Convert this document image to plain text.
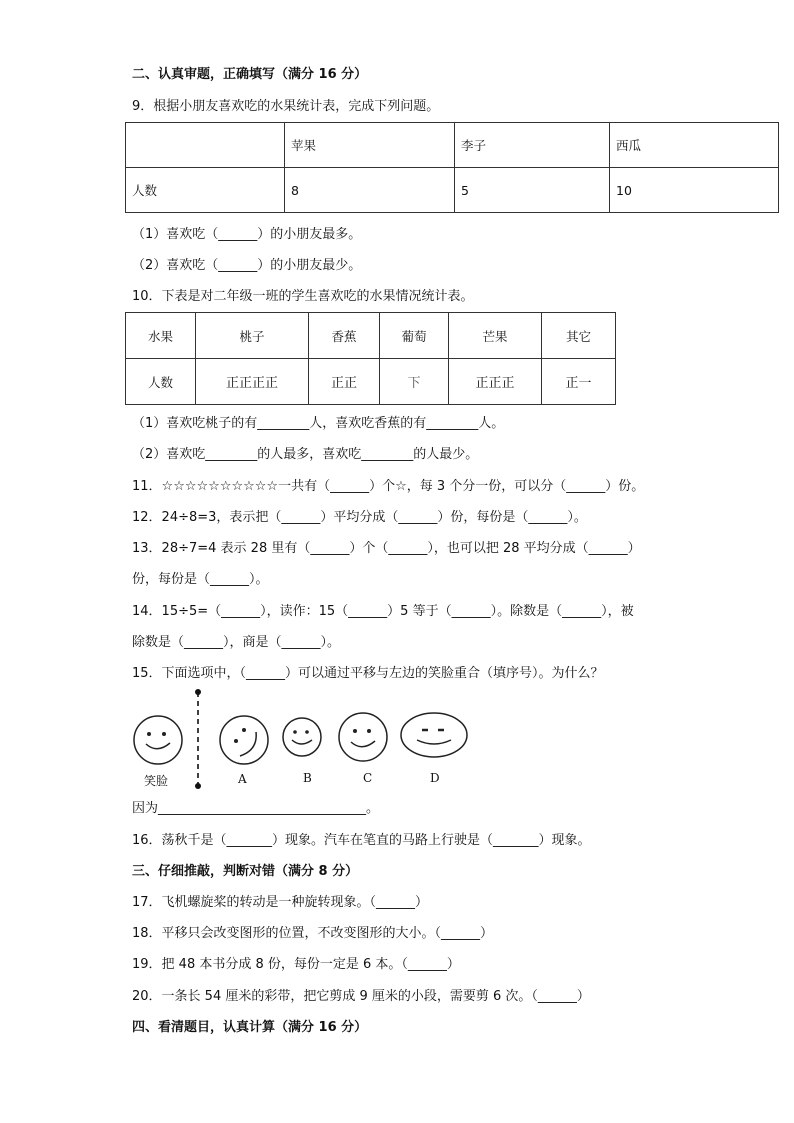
二、认真审题，正确填写（满分 16 分）
9．根据小朋友喜欢吃的水果统计表，完成下列问题。
	苹果	李子	西瓜
人数	8	5	10
（1）喜欢吃（______）的小朋友最多。
（2）喜欢吃（______）的小朋友最少。
10．下表是对二年级一班的学生喜欢吃的水果情况统计表。
水果	桃子	香蕉	葡萄	芒果	其它
人数	正正正正	正正	下	正正正	正一
（1）喜欢吃桃子的有________人，喜欢吃香蕉的有________人。
（2）喜欢吃________的人最多，喜欢吃________的人最少。
11．☆☆☆☆☆☆☆☆☆☆一共有（______）个☆，每 3 个分一份，可以分（______）份。
12．24÷8=3，表示把（______）平均分成（______）份，每份是（______）。
13．28÷7=4 表示 28 里有（______）个（______），也可以把 28 平均分成（______）
份，每份是（______）。
14．15÷5=（______），读作：15（______）5 等于（______）。除数是（______），被
除数是（______），商是（______）。
15．下面选项中，（______）可以通过平移与左边的笑脸重合（填序号）。为什么？
笑脸	A	B	C	D
因为________________________________。
16．荡秋千是（_______）现象。汽车在笔直的马路上行驶是（_______）现象。
三、仔细推敲，判断对错（满分 8 分）
17．飞机螺旋桨的转动是一种旋转现象。（______）
18．平移只会改变图形的位置，不改变图形的大小。（______）
19．把 48 本书分成 8 份，每份一定是 6 本。（______）
20．一条长 54 厘米的彩带，把它剪成 9 厘米的小段，需要剪 6 次。（______）
四、看清题目，认真计算（满分 16 分）
